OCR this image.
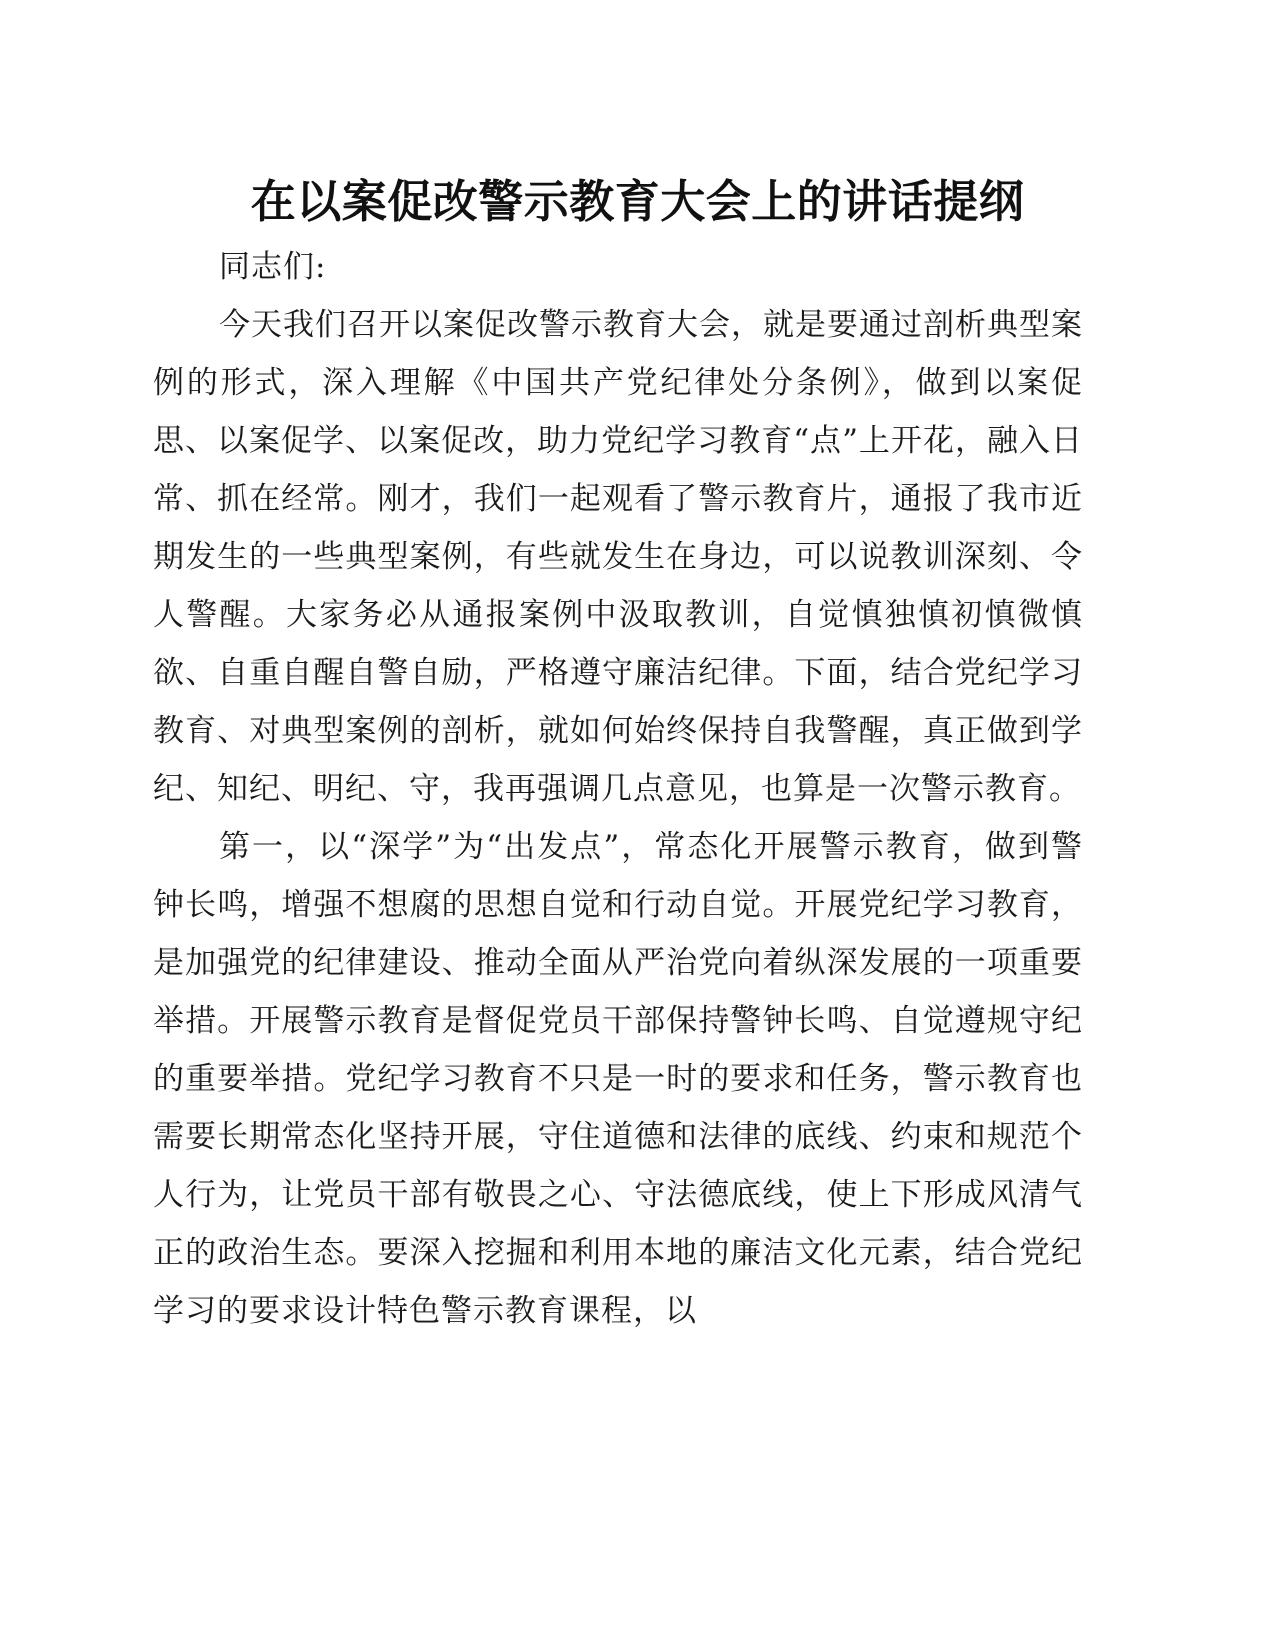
在以案促改警示教育大会上的讲话提纲

同志们:

今天我们召开以案促改警示教育大会，就是要通过剖析典型案例的形式，深入理解《中国共产党纪律处分条例》，做到以案促思、以案促学、以案促改，助力党纪学习教育“点”上开花，融入日常、抓在经常。刚才，我们一起观看了警示教育片，通报了我市近期发生的一些典型案例，有些就发生在身边，可以说教训深刻、令人警醒。大家务必从通报案例中汲取教训，自觉慎独慎初慎微慎欲、自重自醒自警自励，严格遵守廉洁纪律。下面，结合党纪学习教育、对典型案例的剖析，就如何始终保持自我警醒，真正做到学纪、知纪、明纪、守，我再强调几点意见，也算是一次警示教育。

第一，以“深学”为“出发点”，常态化开展警示教育，做到警钟长鸣，增强不想腐的思想自觉和行动自觉。开展党纪学习教育，是加强党的纪律建设、推动全面从严治党向着纵深发展的一项重要举措。开展警示教育是督促党员干部保持警钟长鸣、自觉遵规守纪的重要举措。党纪学习教育不只是一时的要求和任务，警示教育也需要长期常态化坚持开展，守住道德和法律的底线、约束和规范个人行为，让党员干部有敬畏之心、守法德底线，使上下形成风清气正的政治生态。要深入挖掘和利用本地的廉洁文化元素，结合党纪学习的要求设计特色警示教育课程，以
